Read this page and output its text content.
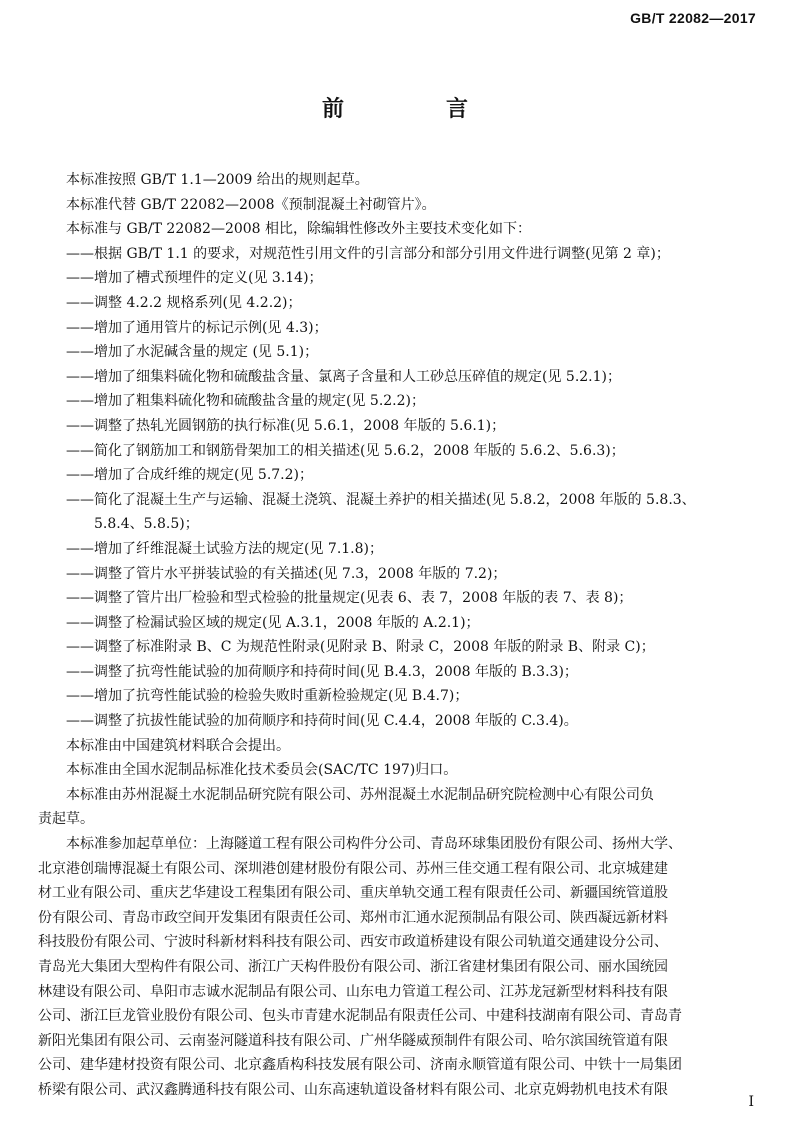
GB/T 22082—2017
前　言
本标准按照 GB/T 1.1—2009 给出的规则起草。
本标准代替 GB/T 22082—2008《预制混凝土衬砌管片》。
本标准与 GB/T 22082—2008 相比，除编辑性修改外主要技术变化如下：
——根据 GB/T 1.1 的要求，对规范性引用文件的引言部分和部分引用文件进行调整(见第 2 章)；
——增加了槽式预埋件的定义(见 3.14)；
——调整 4.2.2 规格系列(见 4.2.2)；
——增加了通用管片的标记示例(见 4.3)；
——增加了水泥碱含量的规定 (见 5.1)；
——增加了细集料硫化物和硫酸盐含量、氯离子含量和人工砂总压碎值的规定(见 5.2.1)；
——增加了粗集料硫化物和硫酸盐含量的规定(见 5.2.2)；
——调整了热轧光圆钢筋的执行标准(见 5.6.1，2008 年版的 5.6.1)；
——简化了钢筋加工和钢筋骨架加工的相关描述(见 5.6.2，2008 年版的 5.6.2、5.6.3)；
——增加了合成纤维的规定(见 5.7.2)；
——简化了混凝土生产与运输、混凝土浇筑、混凝土养护的相关描述(见 5.8.2，2008 年版的 5.8.3、
5.8.4、5.8.5)；
——增加了纤维混凝土试验方法的规定(见 7.1.8)；
——调整了管片水平拼装试验的有关描述(见 7.3，2008 年版的 7.2)；
——调整了管片出厂检验和型式检验的批量规定(见表 6、表 7，2008 年版的表 7、表 8)；
——调整了检漏试验区域的规定(见 A.3.1，2008 年版的 A.2.1)；
——调整了标准附录 B、C 为规范性附录(见附录 B、附录 C，2008 年版的附录 B、附录 C)；
——调整了抗弯性能试验的加荷顺序和持荷时间(见 B.4.3，2008 年版的 B.3.3)；
——增加了抗弯性能试验的检验失败时重新检验规定(见 B.4.7)；
——调整了抗拔性能试验的加荷顺序和持荷时间(见 C.4.4，2008 年版的 C.3.4)。
本标准由中国建筑材料联合会提出。
本标准由全国水泥制品标准化技术委员会(SAC/TC 197)归口。
本标准由苏州混凝土水泥制品研究院有限公司、苏州混凝土水泥制品研究院检测中心有限公司负
责起草。
本标准参加起草单位：上海隧道工程有限公司构件分公司、青岛环球集团股份有限公司、扬州大学、
北京港创瑞博混凝土有限公司、深圳港创建材股份有限公司、苏州三佳交通工程有限公司、北京城建建
材工业有限公司、重庆艺华建设工程集团有限公司、重庆单轨交通工程有限责任公司、新疆国统管道股
份有限公司、青岛市政空间开发集团有限责任公司、郑州市汇通水泥预制品有限公司、陕西凝远新材料
科技股份有限公司、宁波时科新材料科技有限公司、西安市政道桥建设有限公司轨道交通建设分公司、
青岛光大集团大型构件有限公司、浙江广天构件股份有限公司、浙江省建材集团有限公司、丽水国统园
林建设有限公司、阜阳市志诚水泥制品有限公司、山东电力管道工程公司、江苏龙冠新型材料科技有限
公司、浙江巨龙管业股份有限公司、包头市青建水泥制品有限责任公司、中建科技湖南有限公司、青岛青
新阳光集团有限公司、云南崟河隧道科技有限公司、广州华隧威预制件有限公司、哈尔滨国统管道有限
公司、建华建材投资有限公司、北京鑫盾构科技发展有限公司、济南永顺管道有限公司、中铁十一局集团
桥梁有限公司、武汉鑫腾通科技有限公司、山东高速轨道设备材料有限公司、北京克姆勃机电技术有限
I
